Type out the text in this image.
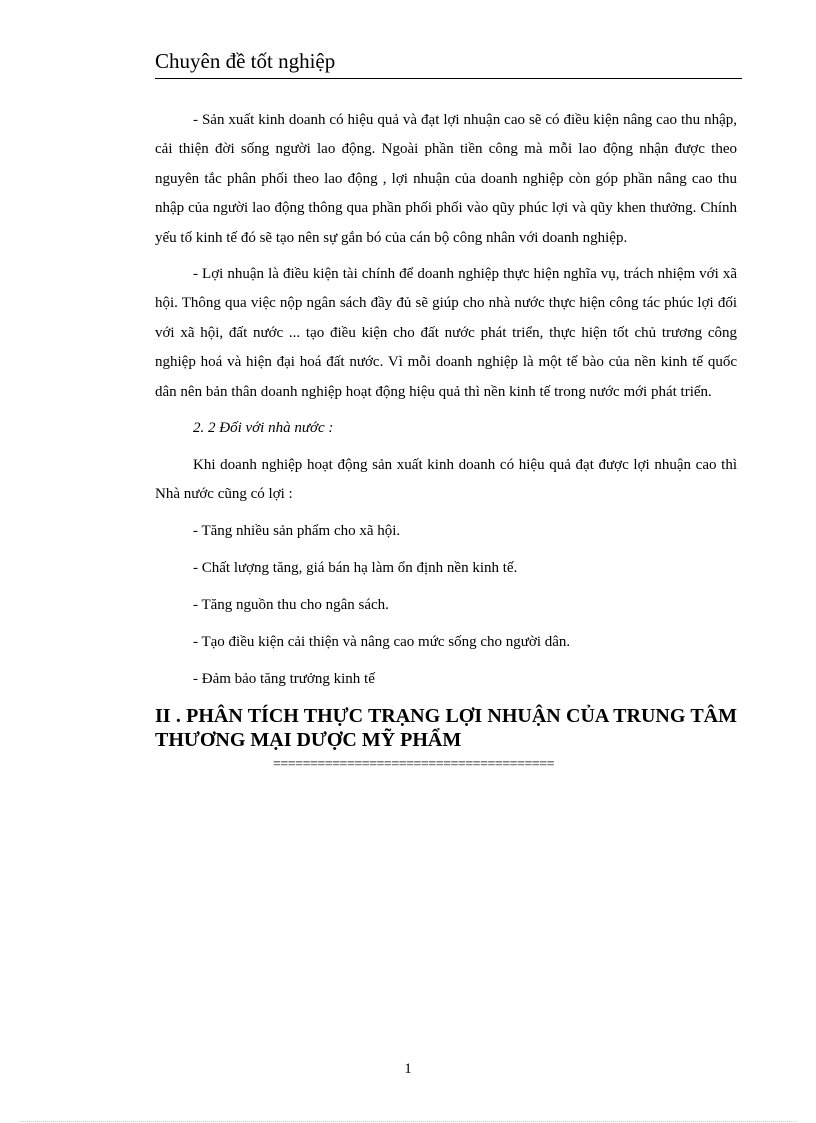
Chuyên đề tốt nghiệp

- Sản xuất kinh doanh có hiệu quả và đạt lợi nhuận cao sẽ có điều kiện nâng cao thu nhập, cải thiện đời sống người lao động. Ngoài phần tiền công mà mỗi lao động nhận được theo nguyên tắc phân phối theo lao động , lợi nhuận của doanh nghiệp còn góp phần nâng cao thu nhập của người lao động thông qua phần phối phối vào qũy phúc lợi và qũy khen thưởng. Chính yếu tố kinh tế đó sẽ tạo nên sự gắn bó của cán bộ công nhân với doanh nghiệp.

- Lợi nhuận là điều kiện tài chính để doanh nghiệp thực hiện nghĩa vụ, trách nhiệm với xã hội. Thông qua việc nộp ngân sách đầy đủ sẽ giúp cho nhà nước thực hiện công tác phúc lợi đối với xã hội, đất nước ... tạo điều kiện cho đất nước phát triển, thực hiện tốt chủ trương công nghiệp hoá và hiện đại hoá đất nước. Vì mỗi doanh nghiệp là một tế bào của nền kinh tế quốc dân nên bản thân doanh nghiệp hoạt động hiệu quả thì nền kinh tế trong nước mới phát triển.

2. 2 Đối với nhà nước :

Khi doanh nghiệp hoạt động sản xuất kinh doanh có hiệu quả đạt được lợi nhuận cao thì Nhà nước cũng có lợi :

- Tăng nhiều sản phẩm cho xã hội.

- Chất lượng tăng, giá bán hạ làm ổn định nền kinh tế.

- Tăng nguồn thu cho ngân sách.

- Tạo điều kiện cải thiện và nâng cao mức sống cho người dân.

- Đảm bảo tăng trưởng kinh tế

II . PHÂN TÍCH THỰC TRẠNG LỢI NHUẬN CỦA TRUNG TÂM THƯƠNG MẠI DƯỢC MỸ PHẨM
======================================
1
